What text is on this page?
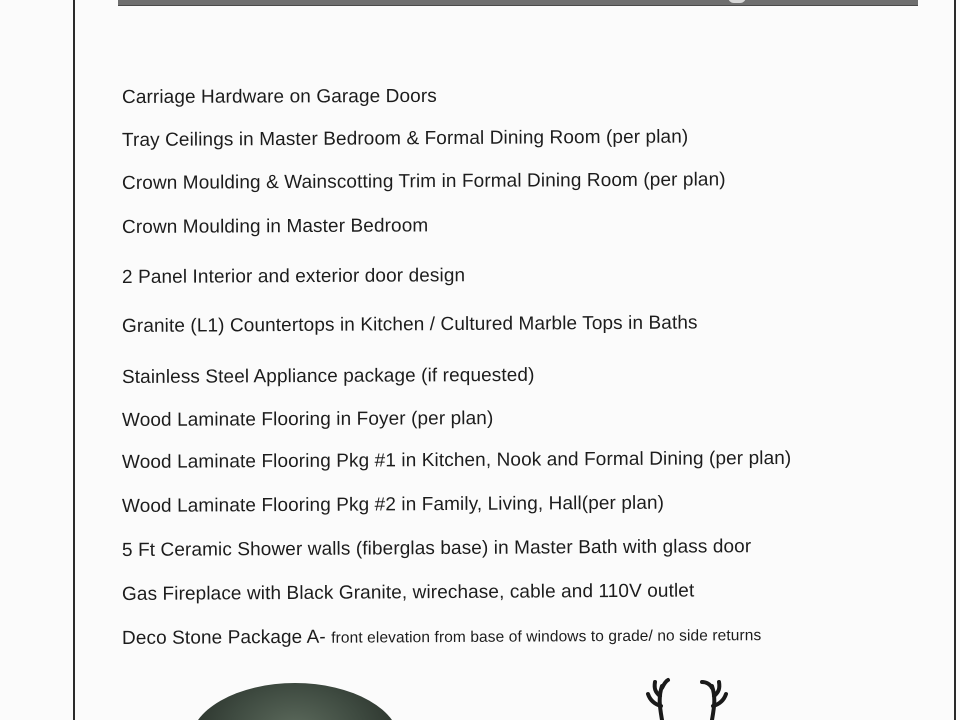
Carriage Hardware on Garage Doors

Tray Ceilings in Master Bedroom & Formal Dining Room (per plan)

Crown Moulding & Wainscotting Trim in Formal Dining Room (per plan)

Crown Moulding in Master Bedroom

2 Panel Interior and exterior door design

Granite (L1) Countertops in Kitchen / Cultured Marble Tops in Baths

Stainless Steel Appliance package (if requested)

Wood Laminate Flooring in Foyer (per plan)

Wood Laminate Flooring Pkg #1 in Kitchen, Nook and Formal Dining (per plan)

Wood Laminate Flooring Pkg #2 in Family, Living, Hall(per plan)

5 Ft Ceramic Shower walls (fiberglas base) in Master Bath with glass door

Gas Fireplace with Black Granite, wirechase, cable and 110V outlet

Deco Stone Package A- front elevation from base of windows to grade/ no side returns
